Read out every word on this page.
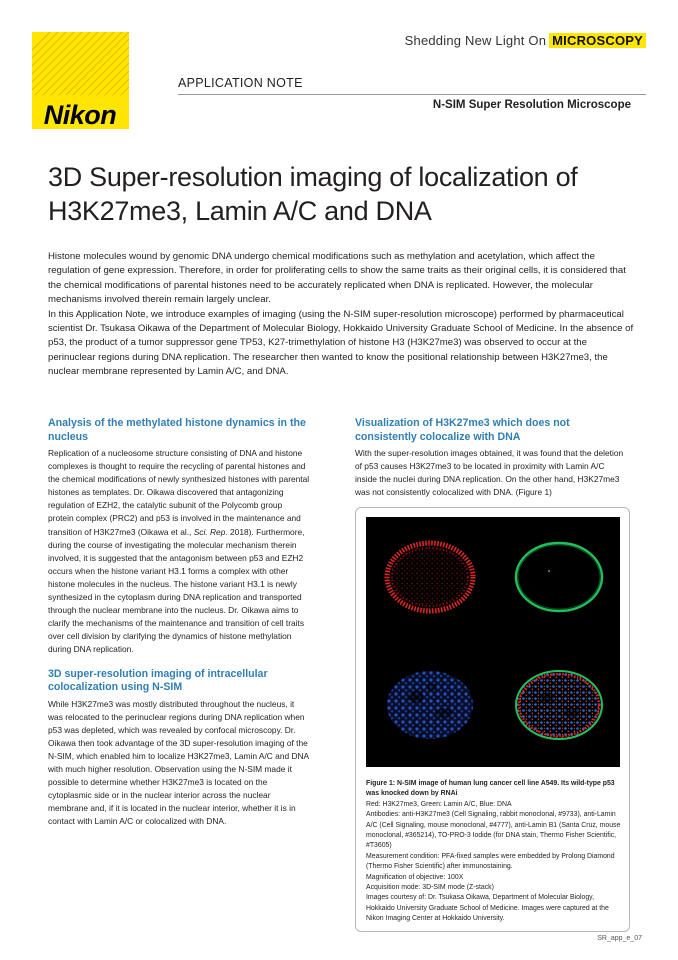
Nikon
Shedding New Light On MICROSCOPY
APPLICATION NOTE
N-SIM Super Resolution Microscope
3D Super-resolution imaging of localization of
H3K27me3, Lamin A/C and DNA

Histone molecules wound by genomic DNA undergo chemical modifications such as methylation and acetylation, which affect the regulation of gene expression. Therefore, in order for proliferating cells to show the same traits as their original cells, it is considered that the chemical modifications of parental histones need to be accurately replicated when DNA is replicated. However, the molecular mechanisms involved therein remain largely unclear.

In this Application Note, we introduce examples of imaging (using the N-SIM super-resolution microscope) performed by pharmaceutical scientist Dr. Tsukasa Oikawa of the Department of Molecular Biology, Hokkaido University Graduate School of Medicine. In the absence of p53, the product of a tumor suppressor gene TP53, K27-trimethylation of histone H3 (H3K27me3) was observed to occur at the perinuclear regions during DNA replication. The researcher then wanted to know the positional relationship between H3K27me3, the nuclear membrane represented by Lamin A/C, and DNA.

Analysis of the methylated histone dynamics in the nucleus

Replication of a nucleosome structure consisting of DNA and histone complexes is thought to require the recycling of parental histones and the chemical modifications of newly synthesized histones with parental histones as templates. Dr. Oikawa discovered that antagonizing regulation of EZH2, the catalytic subunit of the Polycomb group protein complex (PRC2) and p53 is involved in the maintenance and transition of H3K27me3 (Oikawa et al., Sci. Rep. 2018). Furthermore, during the course of investigating the molecular mechanism therein involved, it is suggested that the antagonism between p53 and EZH2 occurs when the histone variant H3.1 forms a complex with other histone molecules in the nucleus. The histone variant H3.1 is newly synthesized in the cytoplasm during DNA replication and transported through the nuclear membrane into the nucleus. Dr. Oikawa aims to clarify the mechanisms of the maintenance and transition of cell traits over cell division by clarifying the dynamics of histone methylation during DNA replication.

3D super-resolution imaging of intracellular colocalization using N-SIM

While H3K27me3 was mostly distributed throughout the nucleus, it was relocated to the perinuclear regions during DNA replication when p53 was depleted, which was revealed by confocal microscopy. Dr. Oikawa then took advantage of the 3D super-resolution imaging of the N-SIM, which enabled him to localize H3K27me3, Lamin A/C and DNA with much higher resolution. Observation using the N-SIM made it possible to determine whether H3K27me3 is located on the cytoplasmic side or in the nuclear interior across the nuclear membrane and, if it is located in the nuclear interior, whether it is in contact with Lamin A/C or colocalized with DNA.

Visualization of H3K27me3 which does not consistently colocalize with DNA

With the super-resolution images obtained, it was found that the deletion of p53 causes H3K27me3 to be located in proximity with Lamin A/C inside the nuclei during DNA replication. On the other hand, H3K27me3 was not consistently colocalized with DNA. (Figure 1)

Figure 1: N-SIM image of human lung cancer cell line A549. Its wild-type p53 was knocked down by RNAi
Red: H3K27me3, Green: Lamin A/C, Blue: DNA
Antibodies: anti-H3K27me3 (Cell Signaling, rabbit monoclonal, #9733), anti-Lamin A/C (Cell Signaling, mouse monoclonal, #4777), anti-Lamin B1 (Santa Cruz, mouse monoclonal, #365214), TO-PRO-3 Iodide (for DNA stain, Thermo Fisher Scientific, #T3605)
Measurement condition: PFA-fixed samples were embedded by Prolong Diamond (Thermo Fisher Scientific) after immunostaining.
Magnification of objective: 100X
Acquisition mode: 3D-SIM mode (Z-stack)
Images courtesy of: Dr. Tsukasa Oikawa, Department of Molecular Biology, Hokkaido University Graduate School of Medicine. Images were captured at the Nikon Imaging Center at Hokkaido University.
SR_app_e_07
